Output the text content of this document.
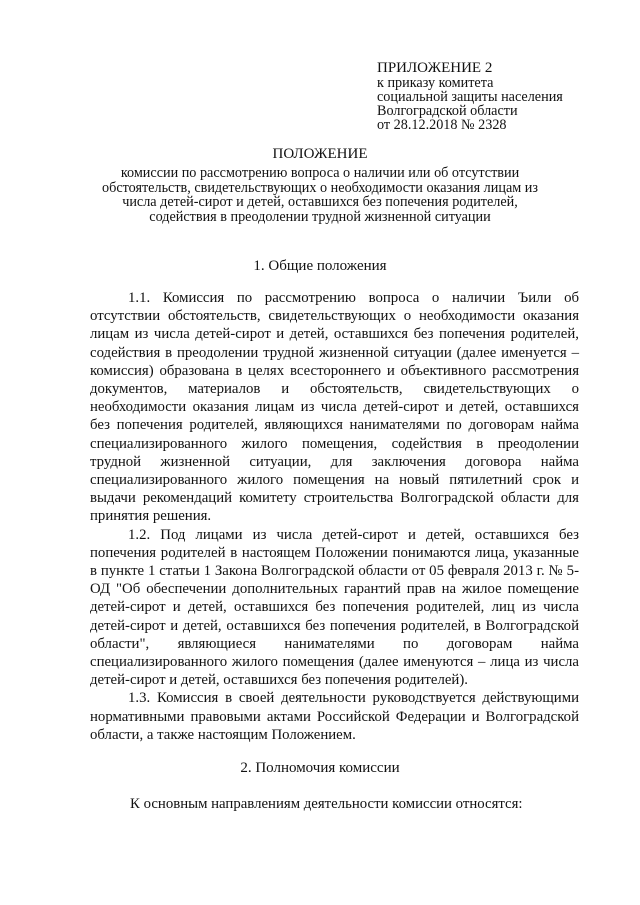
ПРИЛОЖЕНИЕ 2
к приказу комитета
социальной защиты населения
Волгоградской области
от 28.12.2018 № 2328
ПОЛОЖЕНИЕ
комиссии по рассмотрению вопроса о наличии или об отсутствии обстоятельств, свидетельствующих о необходимости оказания лицам из числа детей-сирот и детей, оставшихся без попечения родителей, содействия в преодолении трудной жизненной ситуации
1. Общие положения

1.1. Комиссия по рассмотрению вопроса о наличии Ъили об отсутствии обстоятельств, свидетельствующих о необходимости оказания лицам из числа детей-сирот и детей, оставшихся без попечения родителей, содействия в преодолении трудной жизненной ситуации (далее именуется – комиссия) образована в целях всестороннего и объективного рассмотрения документов, материалов и обстоятельств, свидетельствующих о необходимости оказания лицам из числа детей-сирот и детей, оставшихся без попечения родителей, являющихся нанимателями по договорам найма специализированного жилого помещения, содействия в преодолении трудной жизненной ситуации, для заключения договора найма специализированного жилого помещения на новый пятилетний срок и выдачи рекомендаций комитету строительства Волгоградской области для принятия решения.

1.2. Под лицами из числа детей-сирот и детей, оставшихся без попечения родителей в настоящем Положении понимаются лица, указанные в пункте 1 статьи 1 Закона Волгоградской области от 05 февраля 2013 г. № 5-ОД "Об обеспечении дополнительных гарантий прав на жилое помещение детей-сирот и детей, оставшихся без попечения родителей, лиц из числа детей-сирот и детей, оставшихся без попечения родителей, в Волгоградской области", являющиеся нанимателями по договорам найма специализированного жилого помещения (далее именуются – лица из числа детей-сирот и детей, оставшихся без попечения родителей).

1.3. Комиссия в своей деятельности руководствуется действующими нормативными правовыми актами Российской Федерации и Волгоградской области, а также настоящим Положением.

2. Полномочия комиссии
К основным направлениям деятельности комиссии относятся:
